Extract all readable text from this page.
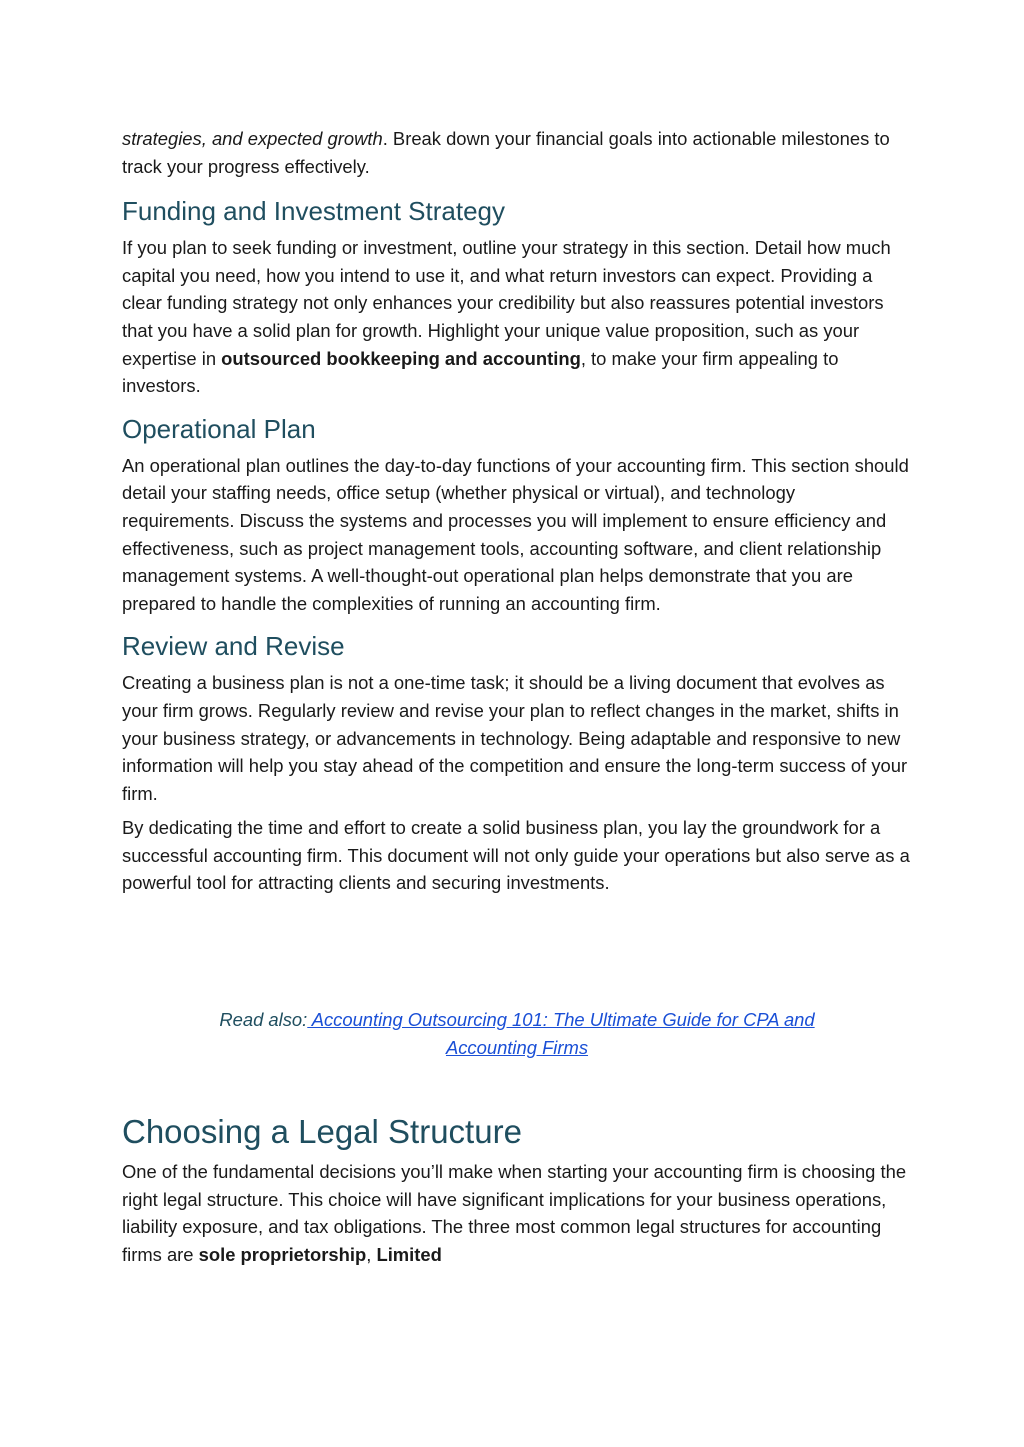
strategies, and expected growth. Break down your financial goals into actionable milestones to track your progress effectively.

Funding and Investment Strategy

If you plan to seek funding or investment, outline your strategy in this section. Detail how much capital you need, how you intend to use it, and what return investors can expect. Providing a clear funding strategy not only enhances your credibility but also reassures potential investors that you have a solid plan for growth. Highlight your unique value proposition, such as your expertise in outsourced bookkeeping and accounting, to make your firm appealing to investors.

Operational Plan

An operational plan outlines the day-to-day functions of your accounting firm. This section should detail your staffing needs, office setup (whether physical or virtual), and technology requirements. Discuss the systems and processes you will implement to ensure efficiency and effectiveness, such as project management tools, accounting software, and client relationship management systems. A well-thought-out operational plan helps demonstrate that you are prepared to handle the complexities of running an accounting firm.

Review and Revise

Creating a business plan is not a one-time task; it should be a living document that evolves as your firm grows. Regularly review and revise your plan to reflect changes in the market, shifts in your business strategy, or advancements in technology. Being adaptable and responsive to new information will help you stay ahead of the competition and ensure the long-term success of your firm.

By dedicating the time and effort to create a solid business plan, you lay the groundwork for a successful accounting firm. This document will not only guide your operations but also serve as a powerful tool for attracting clients and securing investments.

Read also: Accounting Outsourcing 101: The Ultimate Guide for CPA and Accounting Firms

Choosing a Legal Structure

One of the fundamental decisions you’ll make when starting your accounting firm is choosing the right legal structure. This choice will have significant implications for your business operations, liability exposure, and tax obligations. The three most common legal structures for accounting firms are sole proprietorship, Limited
